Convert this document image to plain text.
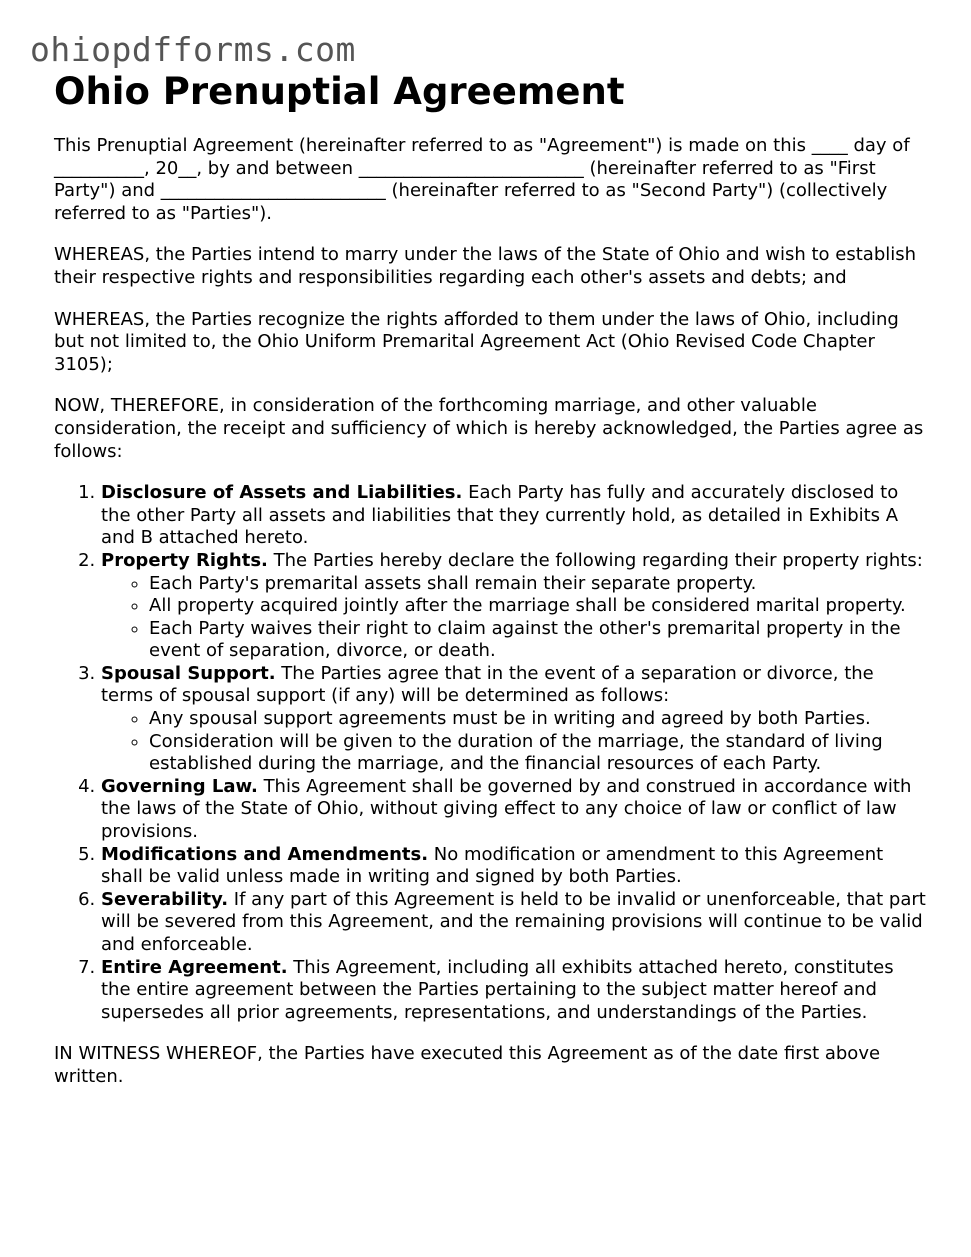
ohiopdfforms.com
Ohio Prenuptial Agreement

This Prenuptial Agreement (hereinafter referred to as "Agreement") is made on this ____ day of __________, 20__, by and between _________________________ (hereinafter referred to as "First Party") and _________________________ (hereinafter referred to as "Second Party") (collectively referred to as "Parties").

WHEREAS, the Parties intend to marry under the laws of the State of Ohio and wish to establish their respective rights and responsibilities regarding each other's assets and debts; and

WHEREAS, the Parties recognize the rights afforded to them under the laws of Ohio, including but not limited to, the Ohio Uniform Premarital Agreement Act (Ohio Revised Code Chapter 3105);

NOW, THEREFORE, in consideration of the forthcoming marriage, and other valuable consideration, the receipt and sufficiency of which is hereby acknowledged, the Parties agree as follows:

1. Disclosure of Assets and Liabilities. Each Party has fully and accurately disclosed to the other Party all assets and liabilities that they currently hold, as detailed in Exhibits A and B attached hereto.
2. Property Rights. The Parties hereby declare the following regarding their property rights:
◦ Each Party's premarital assets shall remain their separate property.
◦ All property acquired jointly after the marriage shall be considered marital property.
◦ Each Party waives their right to claim against the other's premarital property in the event of separation, divorce, or death.
3. Spousal Support. The Parties agree that in the event of a separation or divorce, the terms of spousal support (if any) will be determined as follows:
◦ Any spousal support agreements must be in writing and agreed by both Parties.
◦ Consideration will be given to the duration of the marriage, the standard of living established during the marriage, and the financial resources of each Party.
4. Governing Law. This Agreement shall be governed by and construed in accordance with the laws of the State of Ohio, without giving effect to any choice of law or conflict of law provisions.
5. Modifications and Amendments. No modification or amendment to this Agreement shall be valid unless made in writing and signed by both Parties.
6. Severability. If any part of this Agreement is held to be invalid or unenforceable, that part will be severed from this Agreement, and the remaining provisions will continue to be valid and enforceable.
7. Entire Agreement. This Agreement, including all exhibits attached hereto, constitutes the entire agreement between the Parties pertaining to the subject matter hereof and supersedes all prior agreements, representations, and understandings of the Parties.

IN WITNESS WHEREOF, the Parties have executed this Agreement as of the date first above written.
